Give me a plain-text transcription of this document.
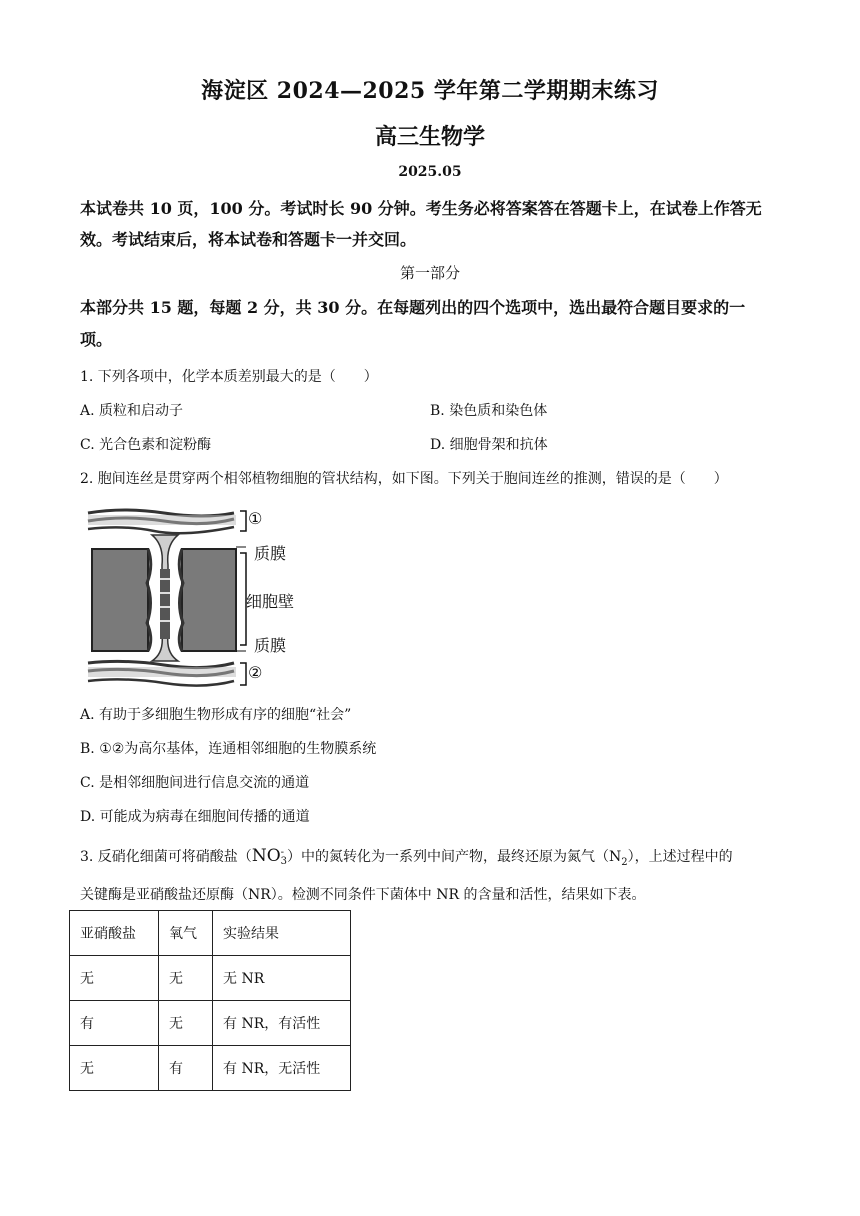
海淀区 2024—2025 学年第二学期期末练习
高三生物学
2025.05
本试卷共 10 页，100 分。考试时长 90 分钟。考生务必将答案答在答题卡上，在试卷上作答无
效。考试结束后，将本试卷和答题卡一并交回。
第一部分
本部分共 15 题，每题 2 分，共 30 分。在每题列出的四个选项中，选出最符合题目要求的一
项。
1. 下列各项中，化学本质差别最大的是（　　）
A. 质粒和启动子	B. 染色质和染色体
C. 光合色素和淀粉酶	D. 细胞骨架和抗体
2. 胞间连丝是贯穿两个相邻植物细胞的管状结构，如下图。下列关于胞间连丝的推测，错误的是（　　）
①
质膜
细胞壁
质膜
②
A. 有助于多细胞生物形成有序的细胞“社会”
B. ①②为高尔基体，连通相邻细胞的生物膜系统
C. 是相邻细胞间进行信息交流的通道
D. 可能成为病毒在细胞间传播的通道
3. 反硝化细菌可将硝酸盐（NO -
3 ）中的氮转化为一系列中间产物，最终还原为氮气$(N_2)$，上述过程中的
关键酶是亚硝酸盐还原酶（NR）。检测不同条件下菌体中 NR 的含量和活性，结果如下表。
亚硝酸盐	氧气	实验结果
无	无	无 NR
有	无	有 NR，有活性
无	有	有 NR，无活性
